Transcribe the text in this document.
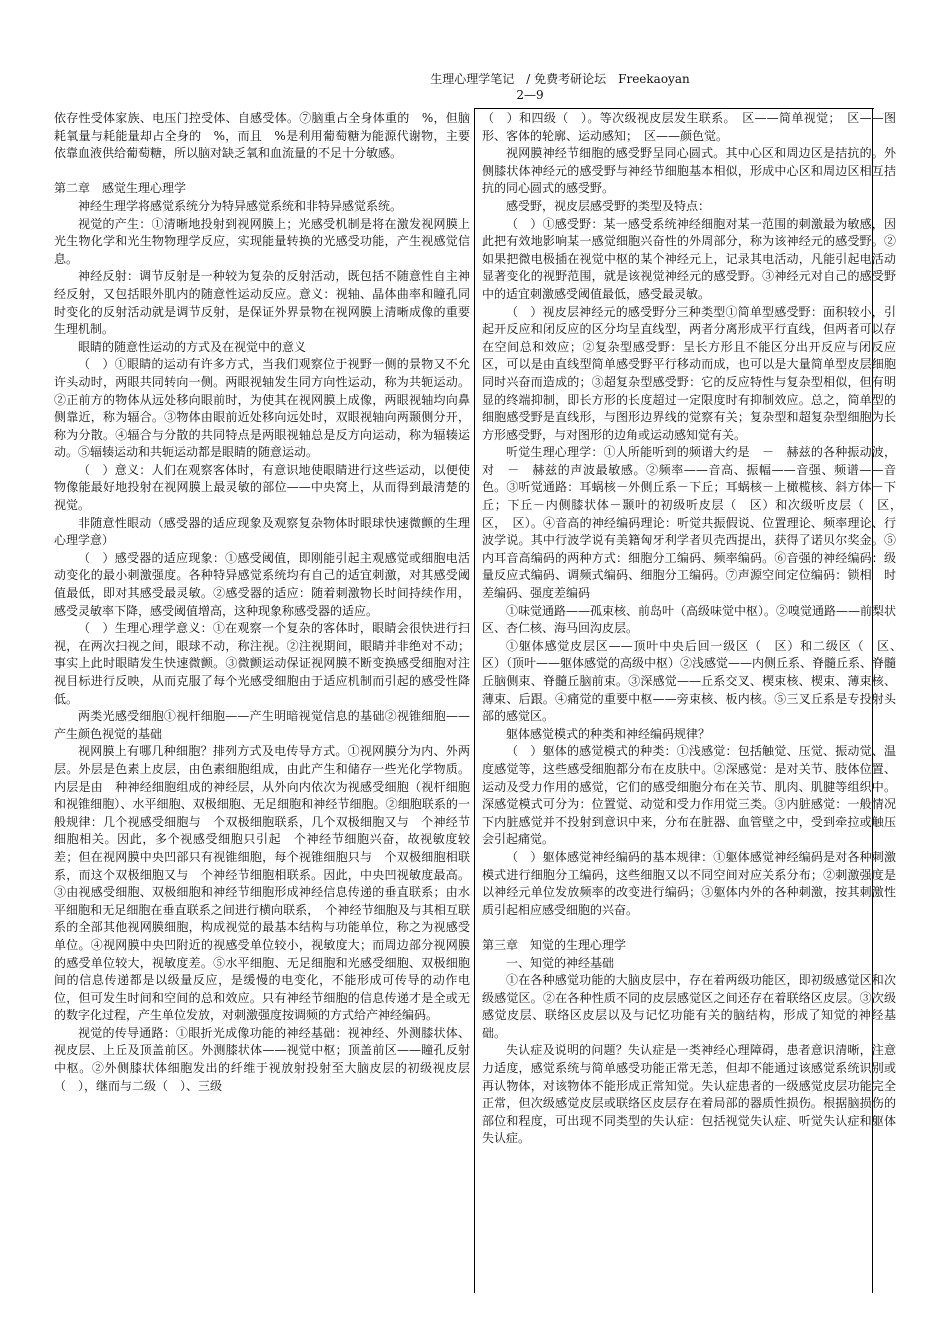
生理心理学笔记　/ 免费考研论坛　Freekaoyan
2—9

依存性受体家族、电压门控受体、自感受体。⑦脑重占全身体重的　%，但脑耗氧量与耗能量却占全身的　%，而且　%是利用葡萄糖为能源代谢物，主要依靠血液供给葡萄糖，所以脑对缺乏氧和血流量的不足十分敏感。

第二章　感觉生理心理学

神经生理学将感觉系统分为特异感觉系统和非特异感觉系统。

视觉的产生：①清晰地投射到视网膜上；光感受机制是将在激发视网膜上光生物化学和光生物物理学反应，实现能量转换的光感受功能，产生视感觉信息。

神经反射：调节反射是一种较为复杂的反射活动，既包括不随意性自主神经反射，又包括眼外肌内的随意性运动反应。意义：视轴、晶体曲率和瞳孔同时变化的反射活动就是调节反射，是保证外界景物在视网膜上清晰成像的重要生理机制。

眼睛的随意性运动的方式及在视觉中的意义

（　）①眼睛的运动有许多方式，当我们观察位于视野一侧的景物又不允许头动时，两眼共同转向一侧。两眼视轴发生同方向性运动，称为共轭运动。②正前方的物体从远处移向眼前时，为使其在视网膜上成像，两眼视轴均向鼻侧靠近，称为辐合。③物体由眼前近处移向远处时，双眼视轴向两颞侧分开，称为分散。④辐合与分散的共同特点是两眼视轴总是反方向运动，称为辐辏运动。⑤辐辏运动和共轭运动都是眼睛的随意运动。

（　）意义：人们在观察客体时，有意识地使眼睛进行这些运动，以便使物像能最好地投射在视网膜上最灵敏的部位——中央窝上，从而得到最清楚的视觉。

非随意性眼动（感受器的适应现象及观察复杂物体时眼球快速微颤的生理心理学意）

（　）感受器的适应现象：①感受阈值，即刚能引起主观感觉或细胞电活动变化的最小刺激强度。各种特异感觉系统均有自己的适宜刺激，对其感受阈值最低，即对其感受最灵敏。②感受器的适应：随着刺激物长时间持续作用，感受灵敏率下降，感受阈值增高，这种现象称感受器的适应。

（　）生理心理学意义：①在观察一个复杂的客体时，眼睛会很快进行扫视，在两次扫视之间，眼球不动，称注视。②注视期间，眼睛并非绝对不动；事实上此时眼睛发生快速微颤。③微颤运动保证视网膜不断变换感受细胞对注视目标进行反映，从而克服了每个光感受细胞由于适应机制而引起的感受性降低。

两类光感受细胞①视杆细胞——产生明暗视觉信息的基础②视锥细胞——产生颜色视觉的基础

视网膜上有哪几种细胞？排列方式及电传导方式。①视网膜分为内、外两层。外层是色素上皮层，由色素细胞组成，由此产生和储存一些光化学物质。内层是由　种神经细胞组成的神经层，从外向内依次为视感受细胞（视杆细胞和视锥细胞）、水平细胞、双极细胞、无足细胞和神经节细胞。②细胞联系的一般规律：几个视感受细胞与　个双极细胞联系，几个双极细胞又与　个神经节细胞相关。因此，多个视感受细胞只引起　个神经节细胞兴奋，故视敏度较差；但在视网膜中央凹部只有视锥细胞，每个视锥细胞只与　个双极细胞相联系，而这个双极细胞又与　个神经节细胞相联系。因此，中央凹视敏度最高。③由视感受细胞、双极细胞和神经节细胞形成神经信息传递的垂直联系；由水平细胞和无足细胞在垂直联系之间进行横向联系，　个神经节细胞及与其相互联系的全部其他视网膜细胞，构成视觉的最基本结构与功能单位，称之为视感受单位。④视网膜中央凹附近的视感受单位较小，视敏度大；而周边部分视网膜的感受单位较大，视敏度差。⑤水平细胞、无足细胞和光感受细胞、双极细胞间的信息传递都是以级量反应，是缓慢的电变化，不能形成可传导的动作电位，但可发生时间和空间的总和效应。只有神经节细胞的信息传递才是全或无的数字化过程，产生单位发放，对刺激强度按调频的方式给产神经编码。

视觉的传导通路：①眼折光成像功能的神经基础：视神经、外测膝状体、视皮层、上丘及顶盖前区。外测膝状体——视觉中枢；顶盖前区——瞳孔反射中枢。②外侧膝状体细胞发出的纤维于视放射投射至大脑皮层的初级视皮层（　），继而与二级（　）、三级

（　）和四级（　）。等次级视皮层发生联系。　区——简单视觉；　区——图形、客体的轮廓、运动感知；　区——颜色觉。

视网膜神经节细胞的感受野呈同心圆式。其中心区和周边区是拮抗的。外侧膝状体神经元的感受野与神经节细胞基本相似，形成中心区和周边区相互拮抗的同心圆式的感受野。

感受野，视皮层感受野的类型及特点：

（　）①感受野：某一感受系统神经细胞对某一范围的刺激最为敏感，因此把有效地影响某一感觉细胞兴奋性的外周部分，称为该神经元的感受野。②如果把微电极插在视觉中枢的某个神经元上，记录其电活动，凡能引起电活动显著变化的视野范围，就是该视觉神经元的感受野。③神经元对自己的感受野中的适宜刺激感受阈值最低，感受最灵敏。

（　）视皮层神经元的感受野分三种类型①简单型感受野：面积较小，引起开反应和闭反应的区分均呈直线型，两者分离形成平行直线，但两者可以存在空间总和效应；②复杂型感受野：呈长方形且不能区分出开反应与闭反应区，可以是由直线型简单感受野平行移动而成，也可以是大量简单型皮层细胞同时兴奋而造成的；③超复杂型感受野：它的反应特性与复杂型相似，但有明显的终端抑制，即长方形的长度超过一定限度时有抑制效应。总之，简单型的细胞感受野是直线形，与图形边界线的觉察有关；复杂型和超复杂型细胞为长方形感受野，与对图形的边角或运动感知觉有关。

听觉生理心理学：①人所能听到的频谱大约是　－　赫兹的各种振动波，对　－　赫兹的声波最敏感。②频率——音高、振幅——音强、频谱——音色。③听觉通路：耳蜗核－外侧丘系－下丘；耳蜗核－上橄榄核、斜方体－下丘；下丘－内侧膝状体－颞叶的初级听皮层（　区）和次级听皮层（　区，　区，　区）。④音高的神经编码理论：听觉共振假说、位置理论、频率理论、行波学说。其中行波学说有美籍匈牙利学者贝壳西提出，获得了诺贝尔奖金。⑤内耳音高编码的两种方式：细胞分工编码、频率编码。⑥音强的神经编码：级量反应式编码、调频式编码、细胞分工编码。⑦声源空间定位编码：锁相　时差编码、强度差编码

①味觉通路——孤束核、前岛叶（高级味觉中枢）。②嗅觉通路——前梨状区、杏仁核、海马回沟皮层。

①躯体感觉皮层区——顶叶中央后回一级区（　区）和二级区（　区、　区）（顶叶——躯体感觉的高级中枢）②浅感觉——内侧丘系、脊髓丘系、脊髓丘脑侧束、脊髓丘脑前束。③深感觉——丘系交叉、楔束核、楔束、薄束核、薄束、后跟。④痛觉的重要中枢——旁束核、板内核。⑤三叉丘系是专投射头部的感觉区。

躯体感觉模式的种类和神经编码规律？

（　）躯体的感觉模式的种类：①浅感觉：包括触觉、压觉、振动觉、温度感觉等，这些感受细胞都分布在皮肤中。②深感觉：是对关节、肢体位置、运动及受力作用的感觉，它们的感受细胞分布在关节、肌肉、肌腱等组织中。深感觉模式可分为：位置觉、动觉和受力作用觉三类。③内脏感觉：一般情况下内脏感觉并不投射到意识中来，分布在脏器、血管壁之中，受到牵拉或触压会引起痛觉。

（　）躯体感觉神经编码的基本规律：①躯体感觉神经编码是对各种刺激模式进行细胞分工编码，这些细胞又以不同空间对应关系分布；②刺激强度是以神经元单位发放频率的改变进行编码；③躯体内外的各种刺激，按其刺激性质引起相应感受细胞的兴奋。

第三章　知觉的生理心理学

一、知觉的神经基础

①在各种感觉功能的大脑皮层中，存在着两级功能区，即初级感觉区和次级感觉区。②在各种性质不同的皮层感觉区之间还存在着联络区皮层。③次级感觉皮层、联络区皮层以及与记忆功能有关的脑结构，形成了知觉的神经基础。

失认症及说明的问题？失认症是一类神经心理障碍，患者意识清晰，注意力适度，感觉系统与简单感受功能正常无恙，但却不能通过该感觉系统识别或再认物体，对该物体不能形成正常知觉。失认症患者的一级感觉皮层功能完全正常，但次级感觉皮层或联络区皮层存在着局部的器质性损伤。根据脑损伤的部位和程度，可出现不同类型的失认症：包括视觉失认症、听觉失认症和躯体失认症。
